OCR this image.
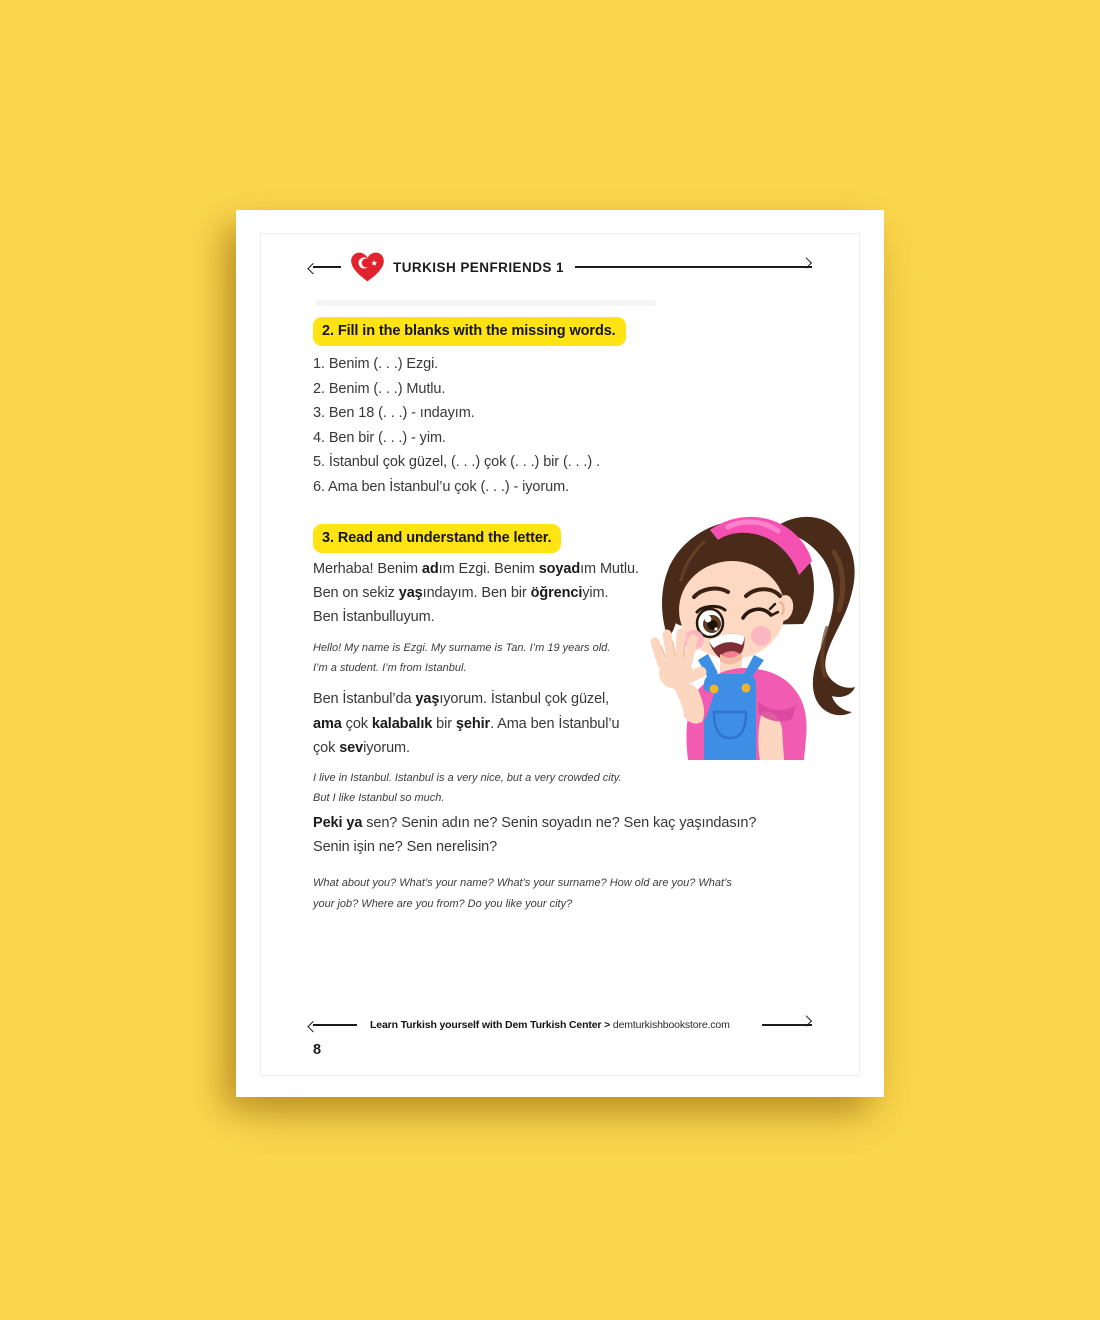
TURKISH PENFRIENDS 1
2. Fill in the blanks with the missing words.
1. Benim (. . .) Ezgi.
2. Benim (. . .) Mutlu.
3. Ben 18 (. . .) - ındayım.
4. Ben bir (. . .) - yim.
5. İstanbul çok güzel, (. . .) çok (. . .) bir (. . .) .
6. Ama ben İstanbul’u çok (. . .) - iyorum.
3. Read and understand the letter.

Merhaba! Benim adım Ezgi. Benim soyadım Mutlu.
Ben on sekiz yaşındayım. Ben bir öğrenciyim.
Ben İstanbulluyum.

Hello! My name is Ezgi. My surname is Tan. I’m 19 years old.
I’m a student. I’m from Istanbul.

Ben İstanbul’da yaşıyorum. İstanbul çok güzel,
ama çok kalabalık bir şehir. Ama ben İstanbul’u
çok seviyorum.

I live in Istanbul. Istanbul is a very nice, but a very crowded city.
But I like Istanbul so much.

Peki ya sen? Senin adın ne? Senin soyadın ne? Sen kaç yaşındasın?
Senin işin ne? Sen nerelisin?

What about you? What’s your name? What’s your surname? How old are you? What’s
your job? Where are you from? Do you like your city?

Learn Turkish yourself with Dem Turkish Center > demturkishbookstore.com
8
